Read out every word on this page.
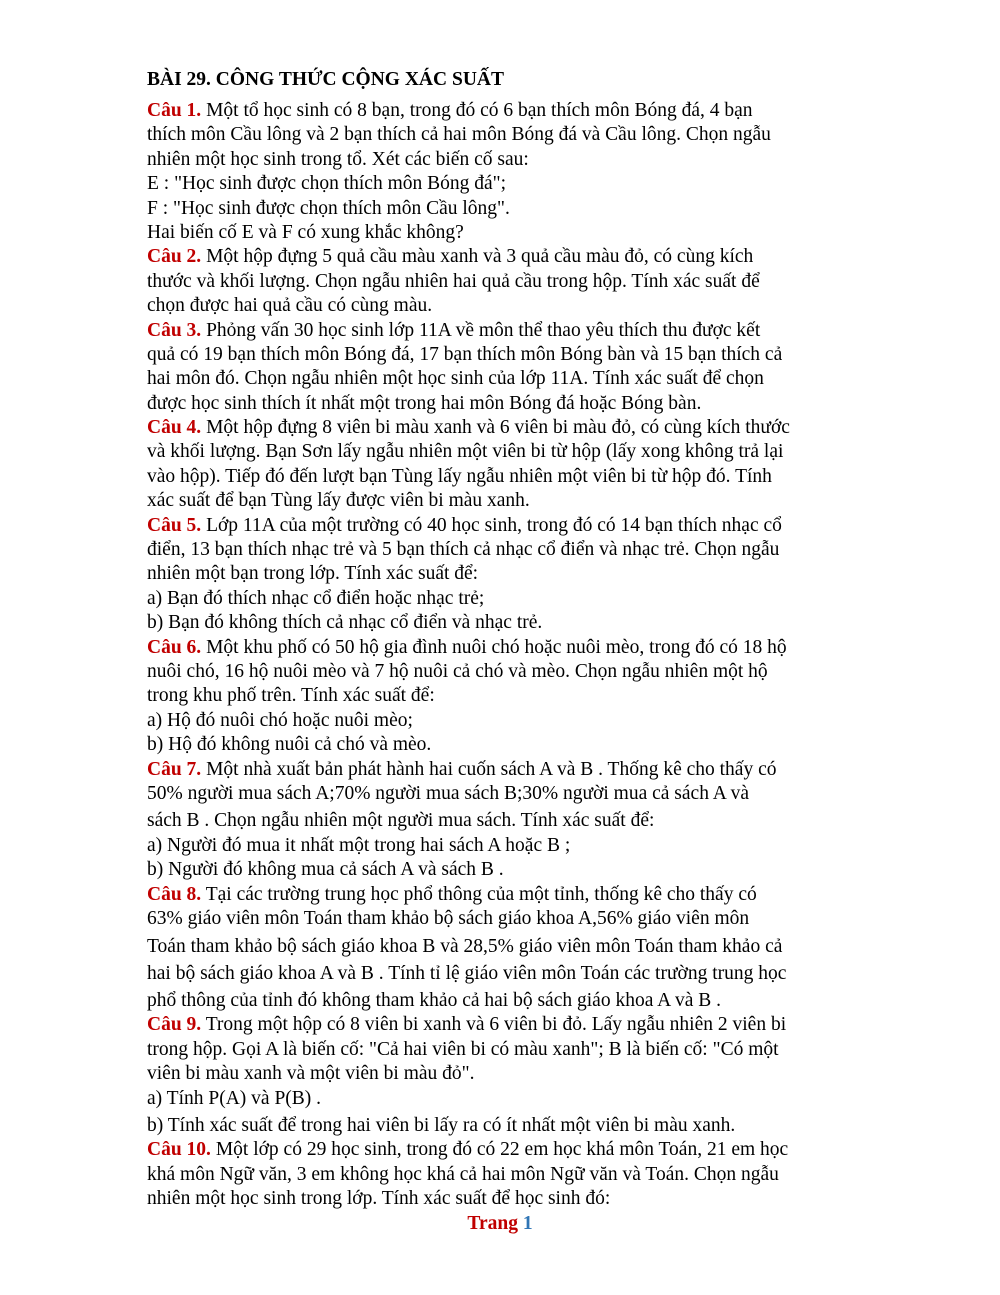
BÀI 29. CÔNG THỨC CỘNG XÁC SUẤT
Câu 1. Một tổ học sinh có 8 bạn, trong đó có 6 bạn thích môn Bóng đá, 4 bạn
thích môn Cầu lông và 2 bạn thích cả hai môn Bóng đá và Cầu lông. Chọn ngẫu
nhiên một học sinh trong tổ. Xét các biến cố sau:
E : "Học sinh được chọn thích môn Bóng đá";
F : "Học sinh được chọn thích môn Cầu lông".
Hai biến cố E và F có xung khắc không?
Câu 2. Một hộp đựng 5 quả cầu màu xanh và 3 quả cầu màu đỏ, có cùng kích
thước và khối lượng. Chọn ngẫu nhiên hai quả cầu trong hộp. Tính xác suất để
chọn được hai quả cầu có cùng màu.
Câu 3. Phỏng vấn 30 học sinh lớp 11A về môn thể thao yêu thích thu được kết
quả có 19 bạn thích môn Bóng đá, 17 bạn thích môn Bóng bàn và 15 bạn thích cả
hai môn đó. Chọn ngẫu nhiên một học sinh của lớp 11A. Tính xác suất để chọn
được học sinh thích ít nhất một trong hai môn Bóng đá hoặc Bóng bàn.
Câu 4. Một hộp đựng 8 viên bi màu xanh và 6 viên bi màu đỏ, có cùng kích thước
và khối lượng. Bạn Sơn lấy ngẫu nhiên một viên bi từ hộp (lấy xong không trả lại
vào hộp). Tiếp đó đến lượt bạn Tùng lấy ngẫu nhiên một viên bi từ hộp đó. Tính
xác suất để bạn Tùng lấy được viên bi màu xanh.
Câu 5. Lớp 11A của một trường có 40 học sinh, trong đó có 14 bạn thích nhạc cổ
điển, 13 bạn thích nhạc trẻ và 5 bạn thích cả nhạc cổ điển và nhạc trẻ. Chọn ngẫu
nhiên một bạn trong lớp. Tính xác suất để:
a) Bạn đó thích nhạc cổ điển hoặc nhạc trẻ;
b) Bạn đó không thích cả nhạc cổ điển và nhạc trẻ.
Câu 6. Một khu phố có 50 hộ gia đình nuôi chó hoặc nuôi mèo, trong đó có 18 hộ
nuôi chó, 16 hộ nuôi mèo và 7 hộ nuôi cả chó và mèo. Chọn ngẫu nhiên một hộ
trong khu phố trên. Tính xác suất để:
a) Hộ đó nuôi chó hoặc nuôi mèo;
b) Hộ đó không nuôi cả chó và mèo.
Câu 7. Một nhà xuất bản phát hành hai cuốn sách A và B . Thống kê cho thấy có
50% người mua sách A;70% người mua sách B;30% người mua cả sách A và
sách B . Chọn ngẫu nhiên một người mua sách. Tính xác suất để:
a) Người đó mua it nhất một trong hai sách A hoặc B ;
b) Người đó không mua cả sách A và sách B .
Câu 8. Tại các trường trung học phổ thông của một tỉnh, thống kê cho thấy có
63% giáo viên môn Toán tham khảo bộ sách giáo khoa A,56% giáo viên môn
Toán tham khảo bộ sách giáo khoa B và 28,5% giáo viên môn Toán tham khảo cả
hai bộ sách giáo khoa A và B . Tính tỉ lệ giáo viên môn Toán các trường trung học
phổ thông của tỉnh đó không tham khảo cả hai bộ sách giáo khoa A và B .
Câu 9. Trong một hộp có 8 viên bi xanh và 6 viên bi đỏ. Lấy ngẫu nhiên 2 viên bi
trong hộp. Gọi A là biến cố: "Cả hai viên bi có màu xanh"; B là biến cố: "Có một
viên bi màu xanh và một viên bi màu đỏ".
a) Tính P(A) và P(B) .
b) Tính xác suất để trong hai viên bi lấy ra có ít nhất một viên bi màu xanh.
Câu 10. Một lớp có 29 học sinh, trong đó có 22 em học khá môn Toán, 21 em học
khá môn Ngữ văn, 3 em không học khá cả hai môn Ngữ văn và Toán. Chọn ngẫu
nhiên một học sinh trong lớp. Tính xác suất để học sinh đó:
Trang 1
